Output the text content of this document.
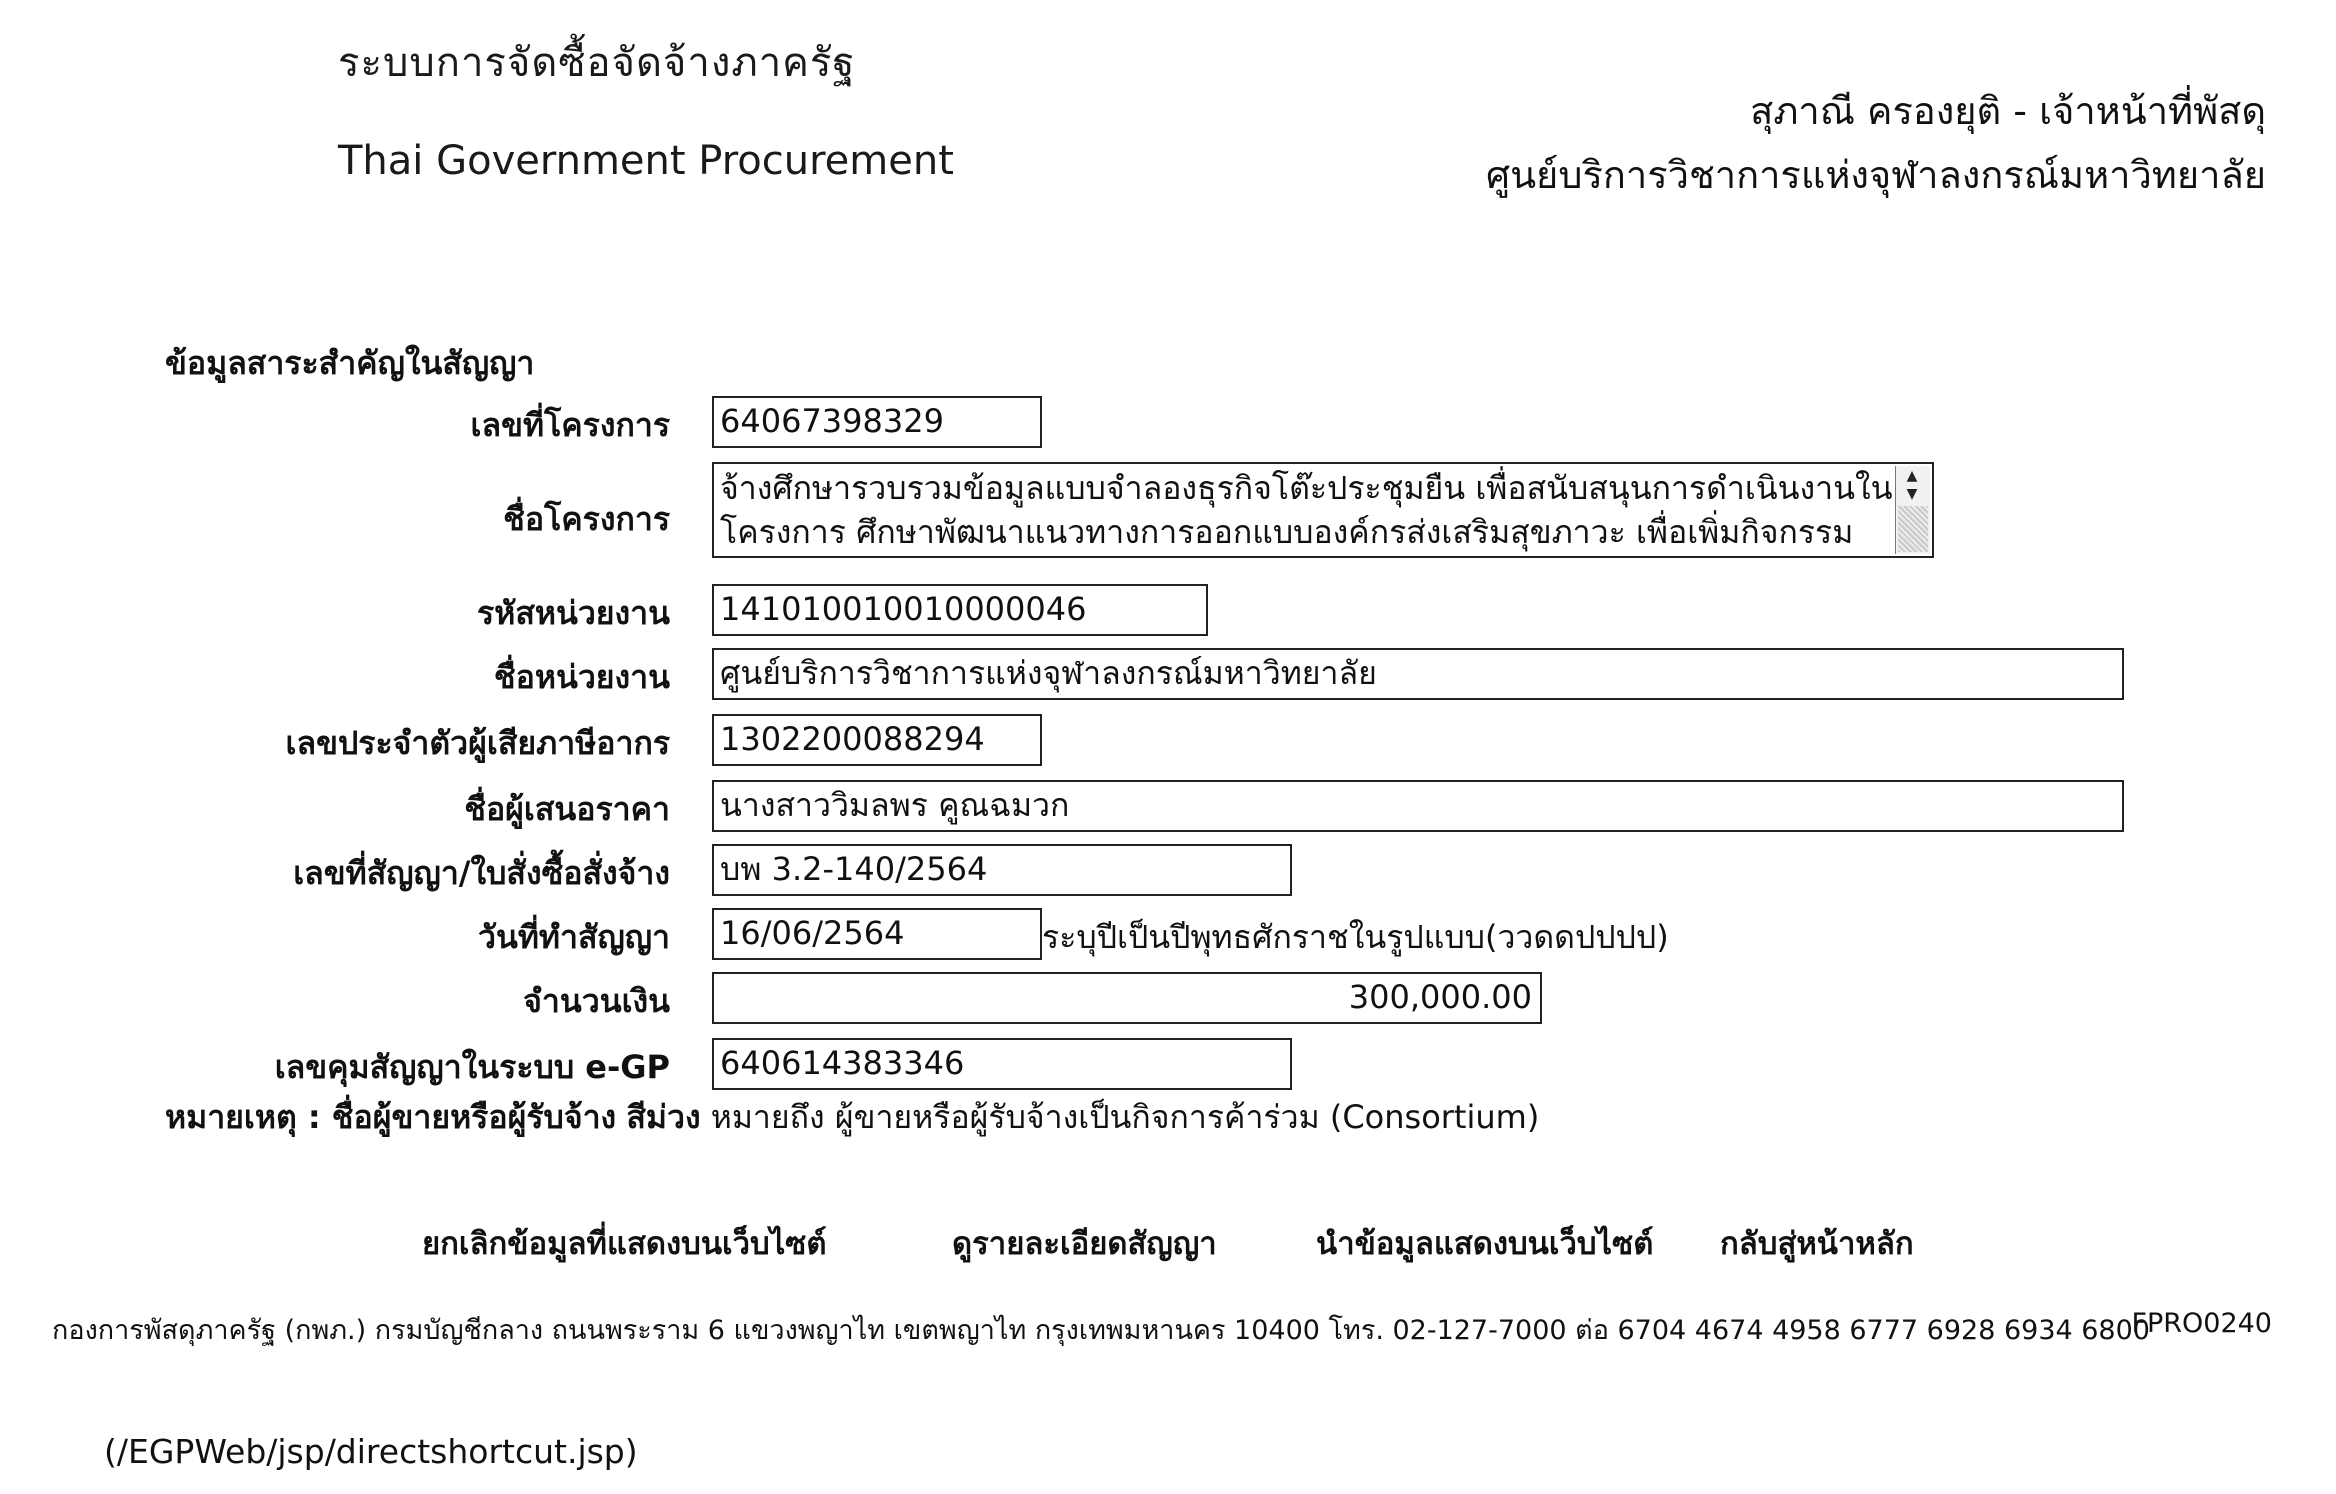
ระบบการจัดซื้อจัดจ้างภาครัฐ
Thai Government Procurement
สุภาณี ครองยุติ - เจ้าหน้าที่พัสดุ
ศูนย์บริการวิชาการแห่งจุฬาลงกรณ์มหาวิทยาลัย
ข้อมูลสาระสำคัญในสัญญา
เลขที่โครงการ 64067398329
ชื่อโครงการ
จ้างศึกษารวบรวมข้อมูลแบบจำลองธุรกิจโต๊ะประชุมยืน เพื่อสนับสนุนการดำเนินงานใน
โครงการ ศึกษาพัฒนาแนวทางการออกแบบองค์กรส่งเสริมสุขภาวะ เพื่อเพิ่มกิจกรรม
▲
▼
รหัสหน่วยงาน 141010010010000046
ชื่อหน่วยงาน ศูนย์บริการวิชาการแห่งจุฬาลงกรณ์มหาวิทยาลัย
เลขประจำตัวผู้เสียภาษีอากร 1302200088294
ชื่อผู้เสนอราคา นางสาววิมลพร คูณฉมวก
เลขที่สัญญา/ใบสั่งซื้อสั่งจ้าง บพ 3.2-140/2564
วันที่ทำสัญญา 16/06/2564	ระบุปีเป็นปีพุทธศักราชในรูปแบบ(ววดดปปปป)
จำนวนเงิน	300,000.00
เลขคุมสัญญาในระบบ e-GP 640614383346
หมายเหตุ : ชื่อผู้ขายหรือผู้รับจ้าง สีม่วง หมายถึง ผู้ขายหรือผู้รับจ้างเป็นกิจการค้าร่วม (Consortium)
ยกเลิกข้อมูลที่แสดงบนเว็บไซต์	ดูรายละเอียดสัญญา	นำข้อมูลแสดงบนเว็บไซต์ กลับสู่หน้าหลัก
กองการพัสดุภาครัฐ (กพภ.) กรมบัญชีกลาง ถนนพระราม 6 แขวงพญาไท เขตพญาไท กรุงเทพมหานคร 10400 โทร. 02-127-7000 ต่อ 6704 4674 4958 6777 6928 6934 6800
FPRO0240
(/EGPWeb/jsp/directshortcut.jsp)
